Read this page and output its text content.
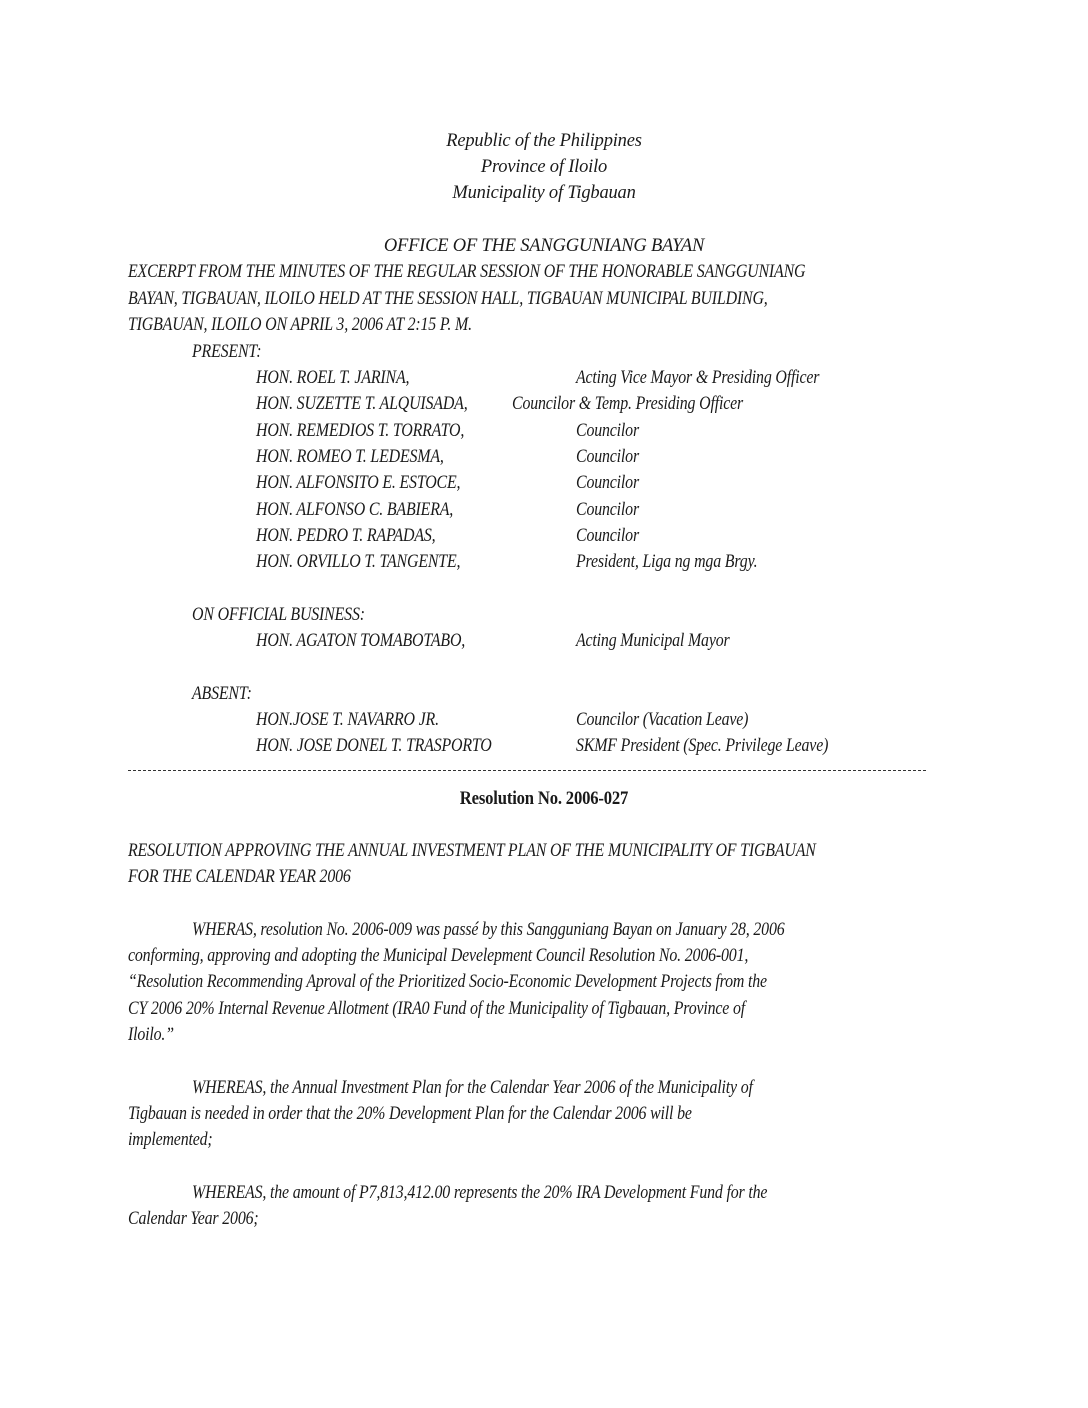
Republic of the Philippines
Province of Iloilo
Municipality of Tigbauan
OFFICE OF THE SANGGUNIANG BAYAN
EXCERPT FROM THE MINUTES OF THE REGULAR SESSION OF THE HONORABLE SANGGUNIANG
BAYAN, TIGBAUAN, ILOILO HELD AT THE SESSION HALL, TIGBAUAN MUNICIPAL BUILDING,
TIGBAUAN, ILOILO ON APRIL 3, 2006 AT 2:15 P. M.
PRESENT:
HON. ROEL T. JARINA,	Acting Vice Mayor & Presiding Officer
HON. SUZETTE T. ALQUISADA, Councilor & Temp. Presiding Officer
HON. REMEDIOS T. TORRATO,	Councilor
HON. ROMEO T. LEDESMA,	Councilor
HON. ALFONSITO E. ESTOCE,	Councilor
HON. ALFONSO C. BABIERA,	Councilor
HON. PEDRO T. RAPADAS,	Councilor
HON. ORVILLO T. TANGENTE,	President, Liga ng mga Brgy.
ON OFFICIAL BUSINESS:
HON. AGATON TOMABOTABO,	Acting Municipal Mayor
ABSENT:
HON.JOSE T. NAVARRO JR.	Councilor (Vacation Leave)
HON. JOSE DONEL T. TRASPORTO	SKMF President (Spec. Privilege Leave)
Resolution No. 2006-027
RESOLUTION APPROVING THE ANNUAL INVESTMENT PLAN OF THE MUNICIPALITY OF TIGBAUAN
FOR THE CALENDAR YEAR 2006
WHERAS, resolution No. 2006-009 was passé by this Sangguniang Bayan on January 28, 2006
conforming, approving and adopting the Municipal Develepment Council Resolution No. 2006-001,
“Resolution Recommending Aproval of the Prioritized Socio-Economic Development Projects from the
CY 2006 20% Internal Revenue Allotment (IRA0 Fund of the Municipality of Tigbauan, Province of
Iloilo.”
WHEREAS, the Annual Investment Plan for the Calendar Year 2006 of the Municipality of
Tigbauan is needed in order that the 20% Development Plan for the Calendar 2006 will be
implemented;
WHEREAS, the amount of P7,813,412.00 represents the 20% IRA Development Fund for the
Calendar Year 2006;
